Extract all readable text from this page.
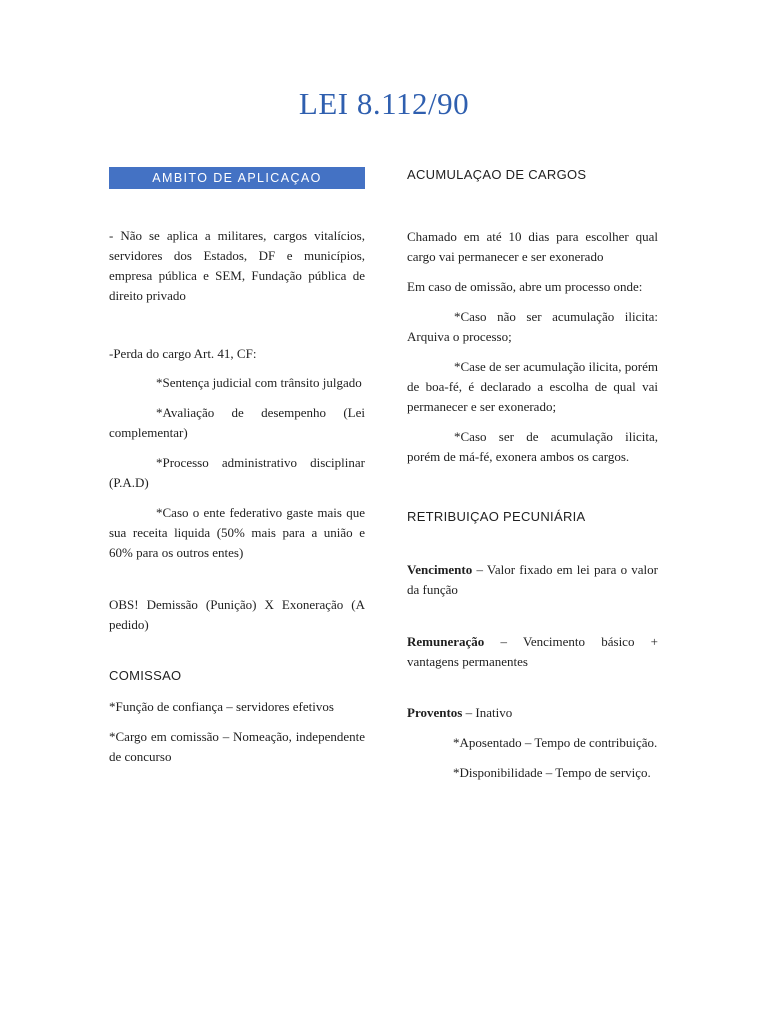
LEI 8.112/90
AMBITO DE APLICAÇAO

- Não se aplica a militares, cargos vitalícios, servidores dos Estados, DF e municípios, empresa pública e SEM, Fundação pública de direito privado

-Perda do cargo Art. 41, CF:

*Sentença judicial com trânsito julgado

*Avaliação de desempenho (Lei complementar)

*Processo administrativo disciplinar (P.A.D)

*Caso o ente federativo gaste mais que sua receita liquida (50% mais para a união e 60% para os outros entes)

OBS! Demissão (Punição) X Exoneração (A pedido)

COMISSAO

*Função de confiança – servidores efetivos

*Cargo em comissão – Nomeação, independente de concurso

ACUMULAÇAO DE CARGOS

Chamado em até 10 dias para escolher qual cargo vai permanecer e ser exonerado

Em caso de omissão, abre um processo onde:

*Caso não ser acumulação ilicita: Arquiva o processo;

*Case de ser acumulação ilicita, porém de boa-fé, é declarado a escolha de qual vai permanecer e ser exonerado;

*Caso ser de acumulação ilicita, porém de má-fé, exonera ambos os cargos.

RETRIBUIÇAO PECUNIÁRIA

Vencimento – Valor fixado em lei para o valor da função

Remuneração – Vencimento básico + vantagens permanentes

Proventos – Inativo

*Aposentado – Tempo de contribuição.

*Disponibilidade – Tempo de serviço.
